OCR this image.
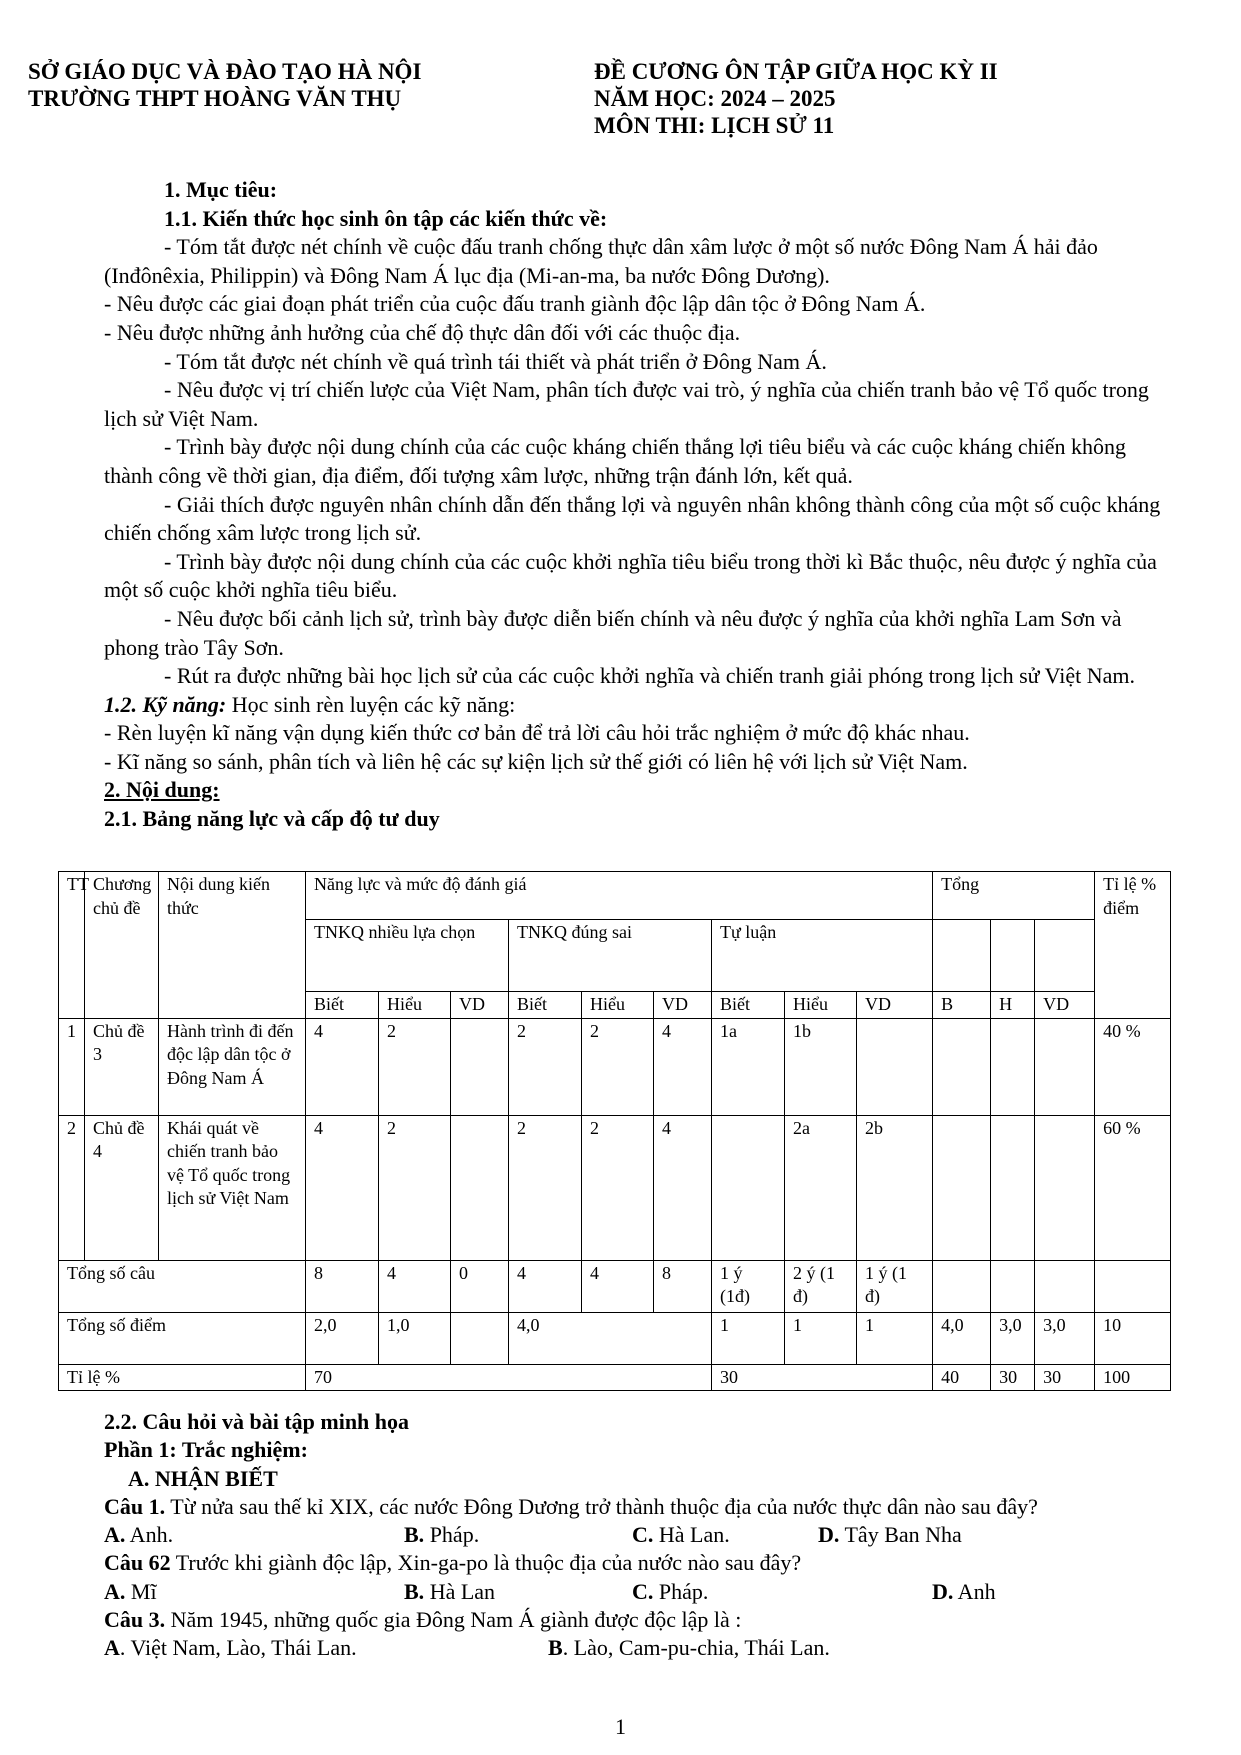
SỞ GIÁO DỤC VÀ ĐÀO TẠO HÀ NỘI
TRƯỜNG THPT HOÀNG VĂN THỤ
ĐỀ CƯƠNG ÔN TẬP GIỮA HỌC KỲ II
NĂM HỌC: 2024 – 2025
MÔN THI: LỊCH SỬ 11

1. Mục tiêu:

1.1. Kiến thức học sinh ôn tập các kiến thức về:

- Tóm tắt được nét chính về cuộc đấu tranh chống thực dân xâm lược ở một số nước Đông Nam Á hải đảo (Inđônêxia, Philippin) và Đông Nam Á lục địa (Mi-an-ma, ba nước Đông Dương).

- Nêu được các giai đoạn phát triển của cuộc đấu tranh giành độc lập dân tộc ở Đông Nam Á.

- Nêu được những ảnh hưởng của chế độ thực dân đối với các thuộc địa.

- Tóm tắt được nét chính về quá trình tái thiết và phát triển ở Đông Nam Á.

- Nêu được vị trí chiến lược của Việt Nam, phân tích được vai trò, ý nghĩa của chiến tranh bảo vệ Tổ quốc trong lịch sử Việt Nam.

- Trình bày được nội dung chính của các cuộc kháng chiến thắng lợi tiêu biểu và các cuộc kháng chiến không thành công về thời gian, địa điểm, đối tượng xâm lược, những trận đánh lớn, kết quả.

- Giải thích được nguyên nhân chính dẫn đến thắng lợi và nguyên nhân không thành công của một số cuộc kháng chiến chống xâm lược trong lịch sử.

- Trình bày được nội dung chính của các cuộc khởi nghĩa tiêu biểu trong thời kì Bắc thuộc, nêu được ý nghĩa của một số cuộc khởi nghĩa tiêu biểu.

- Nêu được bối cảnh lịch sử, trình bày được diễn biến chính và nêu được ý nghĩa của khởi nghĩa Lam Sơn và phong trào Tây Sơn.

- Rút ra được những bài học lịch sử của các cuộc khởi nghĩa và chiến tranh giải phóng trong lịch sử Việt Nam.

1.2. Kỹ năng: Học sinh rèn luyện các kỹ năng:

- Rèn luyện kĩ năng vận dụng kiến thức cơ bản để trả lời câu hỏi trắc nghiệm ở mức độ khác nhau.

- Kĩ năng so sánh, phân tích và liên hệ các sự kiện lịch sử thế giới có liên hệ với lịch sử Việt Nam.

2. Nội dung:

2.1. Bảng năng lực và cấp độ tư duy

TT	Chương chủ đề	Nội dung kiến thức	Năng lực và mức độ đánh giá									Tổng			Tỉ lệ % điểm
			TNKQ nhiều lựa chọn			TNKQ đúng sai			Tự luận						
			Biết	Hiểu	VD	Biết	Hiểu	VD	Biết	Hiểu	VD	B	H	VD	
1	Chủ đề 3	Hành trình đi đến độc lập dân tộc ở Đông Nam Á	4	2		2	2	4	1a	1b					40 %
2	Chủ đề 4	Khái quát về chiến tranh bảo vệ Tổ quốc trong lịch sử Việt Nam	4	2		2	2	4		2a	2b				60 %
Tổng số câu			8	4	0	4	4	8	1 ý (1đ)	2 ý (1 đ)	1 ý (1 đ)				
Tổng số điểm			2,0	1,0		4,0			1	1	1	4,0	3,0	3,0	10
Tỉ lệ %			70						30			40	30	30	100

2.2. Câu hỏi và bài tập minh họa

Phần 1: Trắc nghiệm:

A. NHẬN BIẾT

Câu 1. Từ nửa sau thế kỉ XIX, các nước Đông Dương trở thành thuộc địa của nước thực dân nào sau đây?

A. Anh.	B. Pháp.	C. Hà Lan.	D. Tây Ban Nha

Câu 62 Trước khi giành độc lập, Xin-ga-po là thuộc địa của nước nào sau đây?

A. Mĩ	B. Hà Lan	C. Pháp.	D. Anh

Câu 3. Năm 1945, những quốc gia Đông Nam Á giành được độc lập là :

A. Việt Nam, Lào, Thái Lan.	B. Lào, Cam-pu-chia, Thái Lan.
1
